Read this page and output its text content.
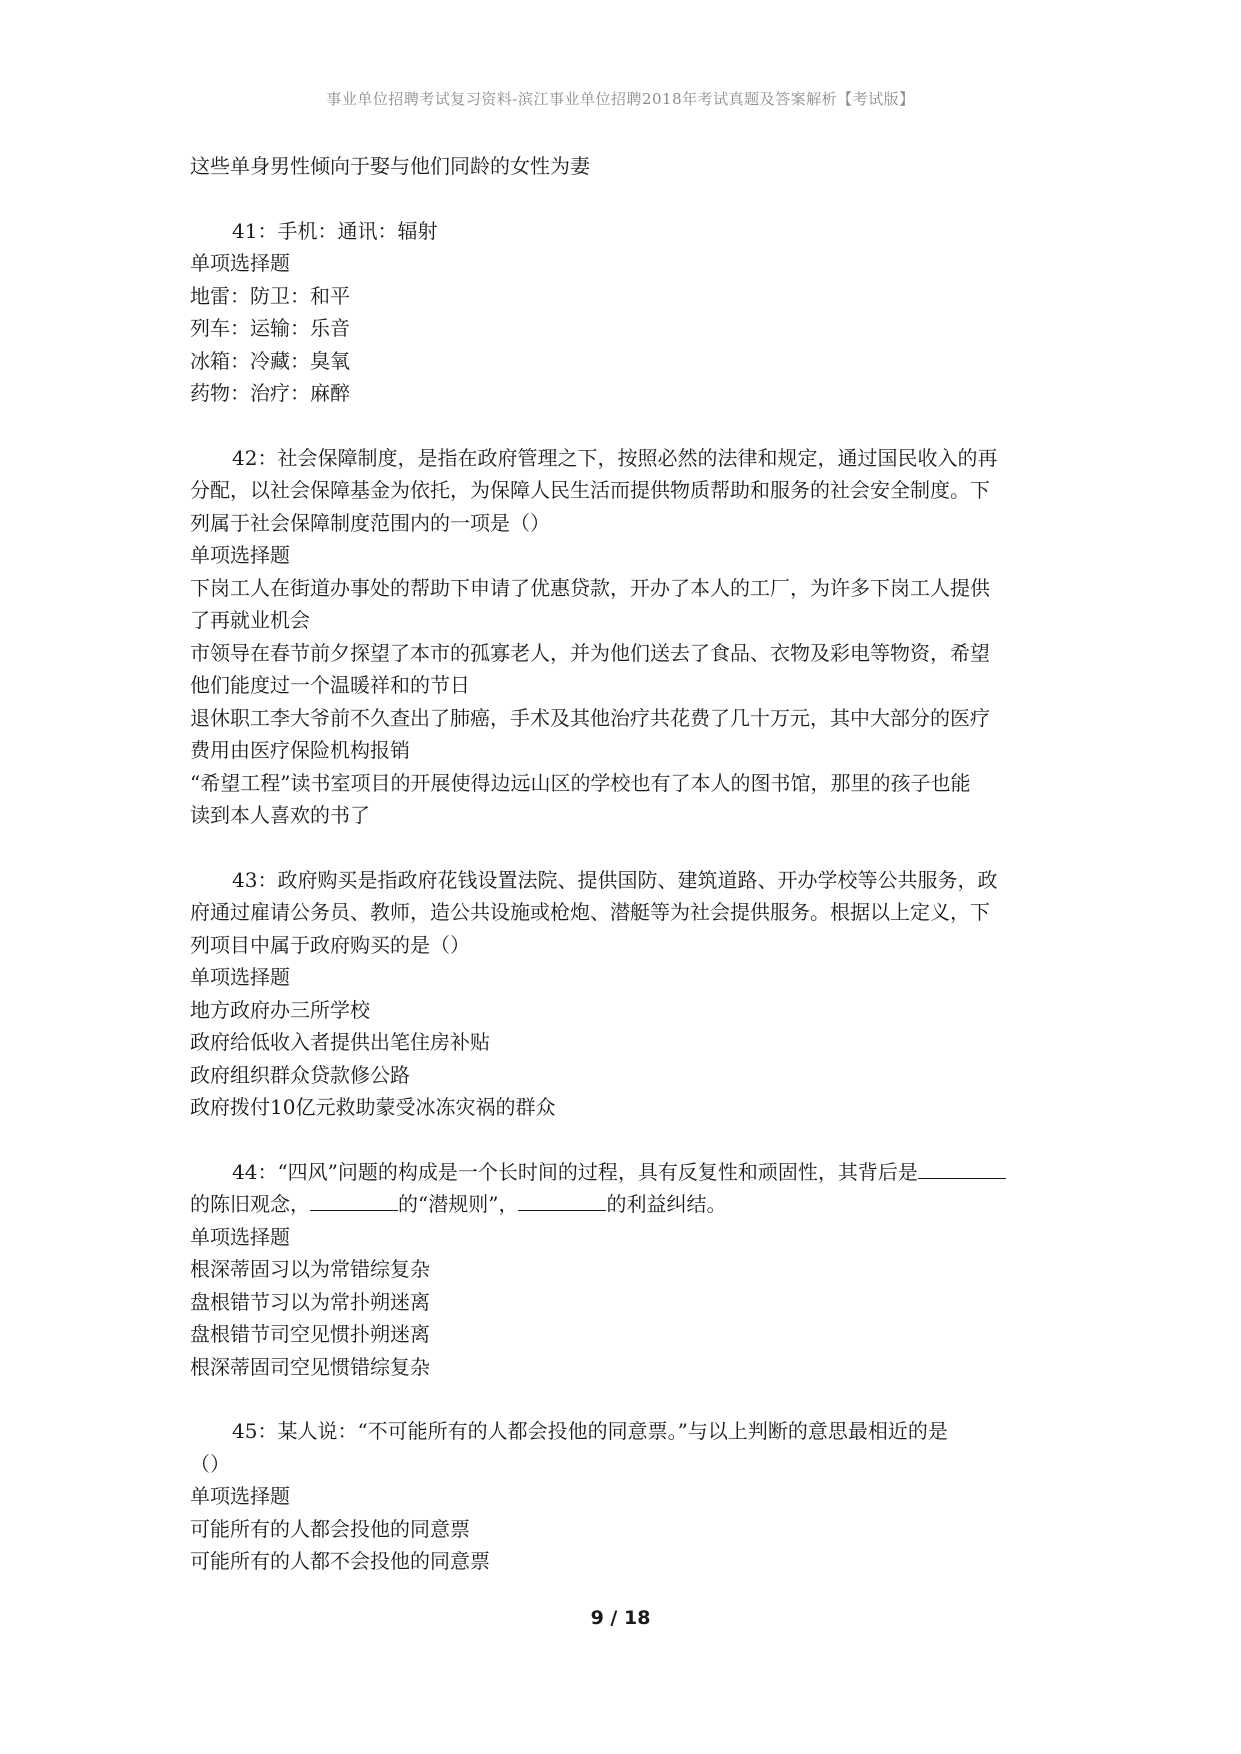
事业单位招聘考试复习资料-滨江事业单位招聘2018年考试真题及答案解析【考试版】

这些单身男性倾向于娶与他们同龄的女性为妻

41：手机：通讯：辐射

单项选择题

地雷：防卫：和平

列车：运输：乐音

冰箱：冷藏：臭氧

药物：治疗：麻醉

42：社会保障制度，是指在政府管理之下，按照必然的法律和规定，通过国民收入的再

分配，以社会保障基金为依托，为保障人民生活而提供物质帮助和服务的社会安全制度。下

列属于社会保障制度范围内的一项是（）

单项选择题

下岗工人在街道办事处的帮助下申请了优惠贷款，开办了本人的工厂，为许多下岗工人提供

了再就业机会

市领导在春节前夕探望了本市的孤寡老人，并为他们送去了食品、衣物及彩电等物资，希望

他们能度过一个温暖祥和的节日

退休职工李大爷前不久查出了肺癌，手术及其他治疗共花费了几十万元，其中大部分的医疗

费用由医疗保险机构报销

“希望工程”读书室项目的开展使得边远山区的学校也有了本人的图书馆，那里的孩子也能

读到本人喜欢的书了

43：政府购买是指政府花钱设置法院、提供国防、建筑道路、开办学校等公共服务，政

府通过雇请公务员、教师，造公共设施或枪炮、潜艇等为社会提供服务。根据以上定义，下

列项目中属于政府购买的是（）

单项选择题

地方政府办三所学校

政府给低收入者提供出笔住房补贴

政府组织群众贷款修公路

政府拨付10亿元救助蒙受冰冻灾祸的群众

44：“四风”问题的构成是一个长时间的过程，具有反复性和顽固性，其背后是

的陈旧观念，	的“潜规则”，	的利益纠结。

单项选择题

根深蒂固习以为常错综复杂

盘根错节习以为常扑朔迷离

盘根错节司空见惯扑朔迷离

根深蒂固司空见惯错综复杂

45：某人说：“不可能所有的人都会投他的同意票。”与以上判断的意思最相近的是

（）

单项选择题

可能所有的人都会投他的同意票

可能所有的人都不会投他的同意票

9 / 18
